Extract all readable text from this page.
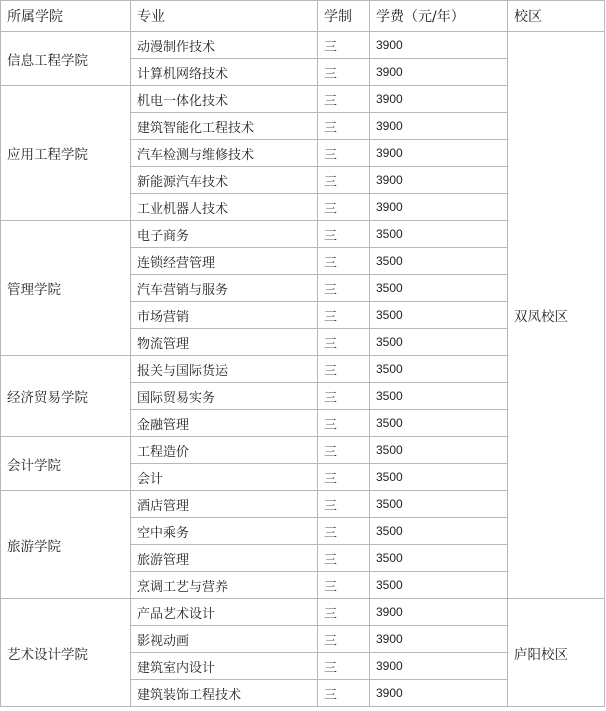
所属学院	专业	学制	学费（元/年）	校区
信息工程学院	动漫制作技术	三	3900	双凤校区
	计算机网络技术	三	3900	
应用工程学院	机电一体化技术	三	3900	
	建筑智能化工程技术	三	3900	
	汽车检测与维修技术	三	3900	
	新能源汽车技术	三	3900	
	工业机器人技术	三	3900	
管理学院	电子商务	三	3500	
	连锁经营管理	三	3500	
	汽车营销与服务	三	3500	
	市场营销	三	3500	
	物流管理	三	3500	
经济贸易学院	报关与国际货运	三	3500	
	国际贸易实务	三	3500	
	金融管理	三	3500	
会计学院	工程造价	三	3500	
	会计	三	3500	
旅游学院	酒店管理	三	3500	
	空中乘务	三	3500	
	旅游管理	三	3500	
	烹调工艺与营养	三	3500	
艺术设计学院	产品艺术设计	三	3900	庐阳校区
	影视动画	三	3900	
	建筑室内设计	三	3900	
	建筑装饰工程技术	三	3900	
